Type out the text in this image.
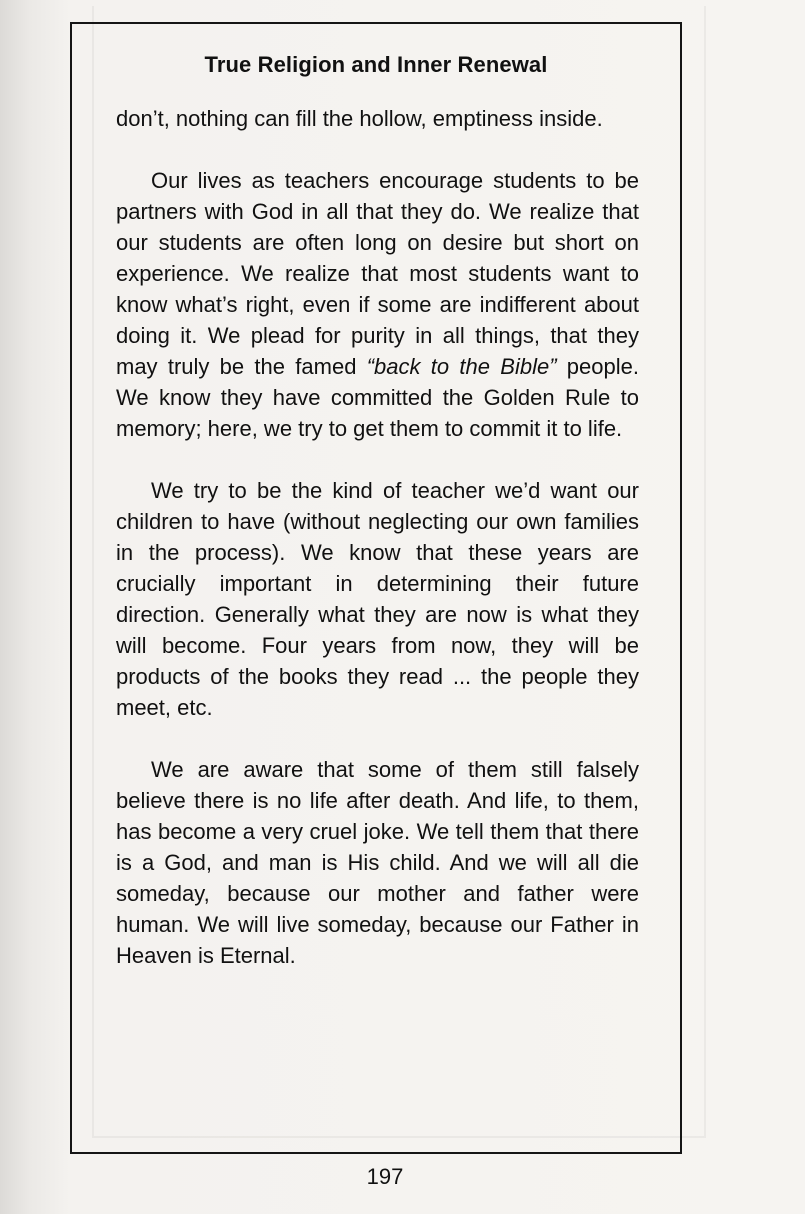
True Religion and Inner Renewal

don’t, nothing can fill the hollow, emptiness inside.

Our lives as teachers encourage students to be partners with God in all that they do. We realize that our students are often long on desire but short on experience. We realize that most students want to know what’s right, even if some are indifferent about doing it. We plead for purity in all things, that they may truly be the famed “back to the Bible” people. We know they have committed the Golden Rule to memory; here, we try to get them to commit it to life.

We try to be the kind of teacher we’d want our children to have (without neglecting our own families in the process). We know that these years are crucially important in determining their future direction. Generally what they are now is what they will become. Four years from now, they will be products of the books they read ... the people they meet, etc.

We are aware that some of them still falsely believe there is no life after death. And life, to them, has become a very cruel joke. We tell them that there is a God, and man is His child. And we will all die someday, because our mother and father were human. We will live someday, because our Father in Heaven is Eternal.

197
